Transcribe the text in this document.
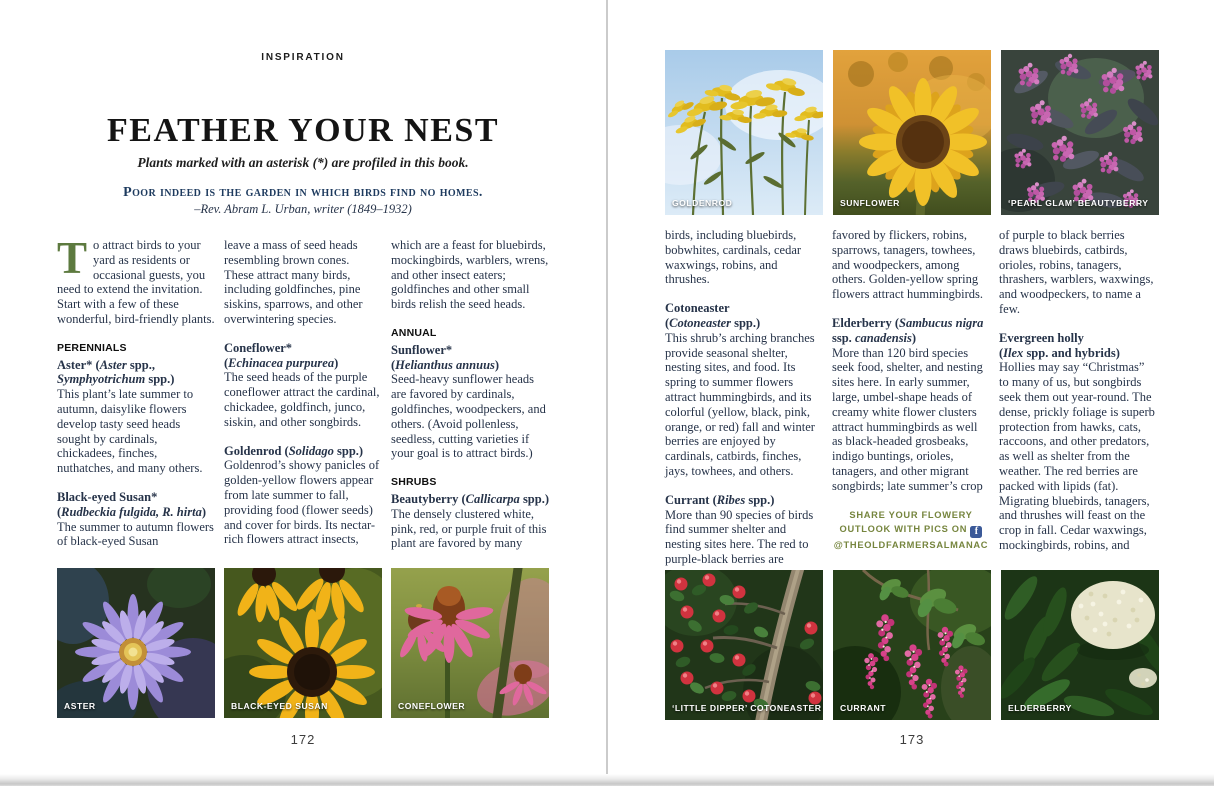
INSPIRATION
FEATHER YOUR NEST
Plants marked with an asterisk (*) are profiled in this book.
Poor indeed is the garden in which birds find no homes.
–Rev. Abram L. Urban, writer (1849–1932)

To attract birds to your yard as residents or occasional guests, you need to extend the invitation. Start with a few of these wonderful, bird-friendly plants.

PERENNIALS

Aster* (Aster spp., Symphyotrichum spp.)
This plant’s late summer to autumn, daisylike flowers develop tasty seed heads sought by cardinals, chickadees, finches, nuthatches, and many others.

Black-eyed Susan*
(Rudbeckia fulgida, R. hirta)
The summer to autumn flowers of black-eyed Susan

leave a mass of seed heads resembling brown cones. These attract many birds, including goldfinches, pine siskins, sparrows, and other overwintering species.

Coneflower*
(Echinacea purpurea)
The seed heads of the purple coneflower attract the cardinal, chickadee, goldfinch, junco, siskin, and other songbirds.

Goldenrod (Solidago spp.)
Goldenrod’s showy panicles of golden-yellow flowers appear from late summer to fall, providing food (flower seeds) and cover for birds. Its nectar-rich flowers attract insects,

which are a feast for bluebirds, mockingbirds, warblers, wrens, and other insect eaters; goldfinches and other small birds relish the seed heads.

ANNUAL

Sunflower*
(Helianthus annuus)
Seed-heavy sunflower heads are favored by cardinals, goldfinches, woodpeckers, and others. (Avoid pollenless, seedless, cutting varieties if your goal is to attract birds.)

SHRUBS

Beautyberry (Callicarpa spp.)
The densely clustered white, pink, red, or purple fruit of this plant are favored by many

ASTER	BLACK-EYED SUSAN	CONEFLOWER
172
GOLDENROD	SUNFLOWER	‘PEARL GLAM’ BEAUTYBERRY

birds, including bluebirds, bobwhites, cardinals, cedar waxwings, robins, and thrushes.

Cotoneaster
(Cotoneaster spp.)
This shrub’s arching branches provide seasonal shelter, nesting sites, and food. Its spring to summer flowers attract hummingbirds, and its colorful (yellow, black, pink, orange, or red) fall and winter berries are enjoyed by cardinals, catbirds, finches, jays, towhees, and others.

Currant (Ribes spp.)
More than 90 species of birds find summer shelter and nesting sites here. The red to purple-black berries are

favored by flickers, robins, sparrows, tanagers, towhees, and woodpeckers, among others. Golden-yellow spring flowers attract hummingbirds.

Elderberry (Sambucus nigra ssp. canadensis)
More than 120 bird species seek food, shelter, and nesting sites here. In early summer, large, umbel-shape heads of creamy white flower clusters attract hummingbirds as well as black-headed grosbeaks, indigo buntings, orioles, tanagers, and other migrant songbirds; late summer’s crop

SHARE YOUR FLOWERY
OUTLOOK WITH PICS ON f
@THEOLDFARMERSALMANAC

of purple to black berries draws bluebirds, catbirds, orioles, robins, tanagers, thrashers, warblers, waxwings, and woodpeckers, to name a few.

Evergreen holly
(Ilex spp. and hybrids)
Hollies may say “Christmas” to many of us, but songbirds seek them out year-round. The dense, prickly foliage is superb protection from hawks, cats, raccoons, and other predators, as well as shelter from the weather. The red berries are packed with lipids (fat). Migrating bluebirds, tanagers, and thrushes will feast on the crop in fall. Cedar waxwings, mockingbirds, robins, and

‘LITTLE DIPPER’ COTONEASTER CURRANT	ELDERBERRY
173
